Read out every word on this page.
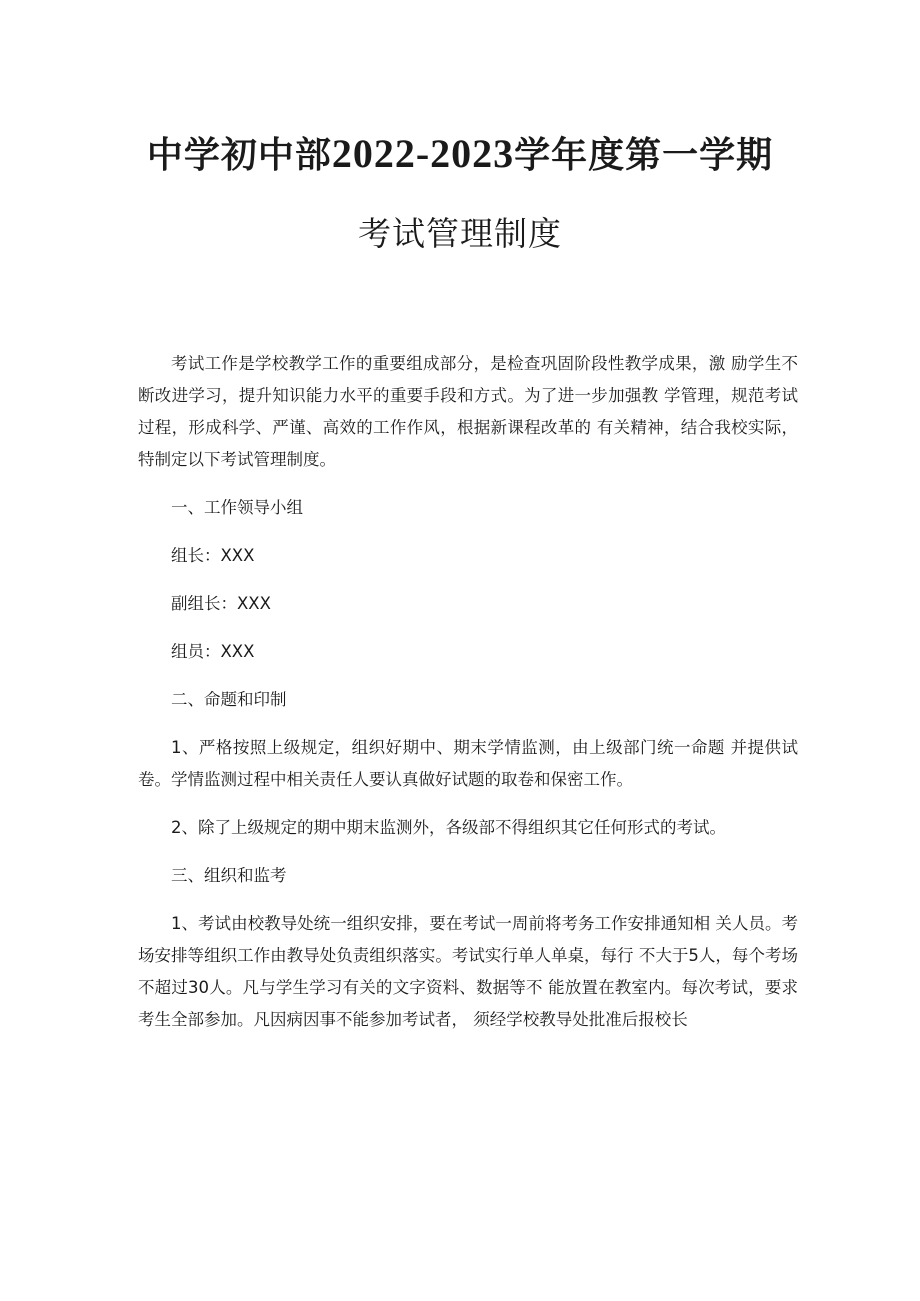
中学初中部2022-2023学年度第一学期
考试管理制度

考试工作是学校教学工作的重要组成部分，是检查巩固阶段性教学成果，激 励学生不断改进学习，提升知识能力水平的重要手段和方式。为了进一步加强教 学管理，规范考试过程，形成科学、严谨、高效的工作作风，根据新课程改革的 有关精神，结合我校实际，特制定以下考试管理制度。

一、工作领导小组

组长：XXX

副组长：XXX

组员：XXX

二、命题和印制

1、严格按照上级规定，组织好期中、期末学情监测，由上级部门统一命题 并提供试卷。学情监测过程中相关责任人要认真做好试题的取卷和保密工作。

2、除了上级规定的期中期末监测外，各级部不得组织其它任何形式的考试。

三、组织和监考

1、考试由校教导处统一组织安排，要在考试一周前将考务工作安排通知相 关人员。考场安排等组织工作由教导处负责组织落实。考试实行单人单桌，每行 不大于5人，每个考场不超过30人。凡与学生学习有关的文字资料、数据等不 能放置在教室内。每次考试，要求考生全部参加。凡因病因事不能参加考试者， 须经学校教导处批准后报校长
